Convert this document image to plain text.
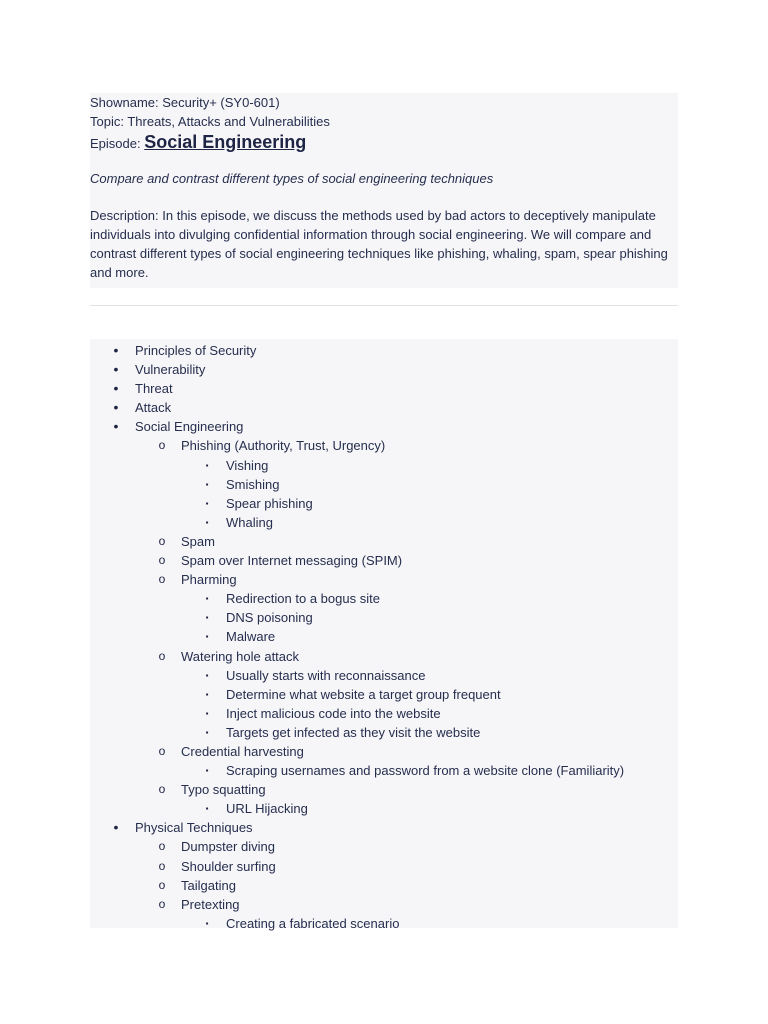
Showname: Security+ (SY0-601)

Topic: Threats, Attacks and Vulnerabilities

Episode: Social Engineering

Compare and contrast different types of social engineering techniques

Description: In this episode, we discuss the methods used by bad actors to deceptively manipulate individuals into divulging confidential information through social engineering. We will compare and contrast different types of social engineering techniques like phishing, whaling, spam, spear phishing and more.

• Principles of Security
• Vulnerability
• Threat
• Attack
• Social Engineering
o Phishing (Authority, Trust, Urgency)
▪	Vishing
▪	Smishing
▪	Spear phishing
▪	Whaling
o Spam
o Spam over Internet messaging (SPIM)
o Pharming
▪	Redirection to a bogus site
▪	DNS poisoning
▪	Malware
o Watering hole attack
▪	Usually starts with reconnaissance
▪	Determine what website a target group frequent
▪	Inject malicious code into the website
▪	Targets get infected as they visit the website
o Credential harvesting
▪	Scraping usernames and password from a website clone (Familiarity)
o Typo squatting
▪	URL Hijacking
• Physical Techniques
o Dumpster diving
o Shoulder surfing
o Tailgating
o Pretexting
▪	Creating a fabricated scenario
